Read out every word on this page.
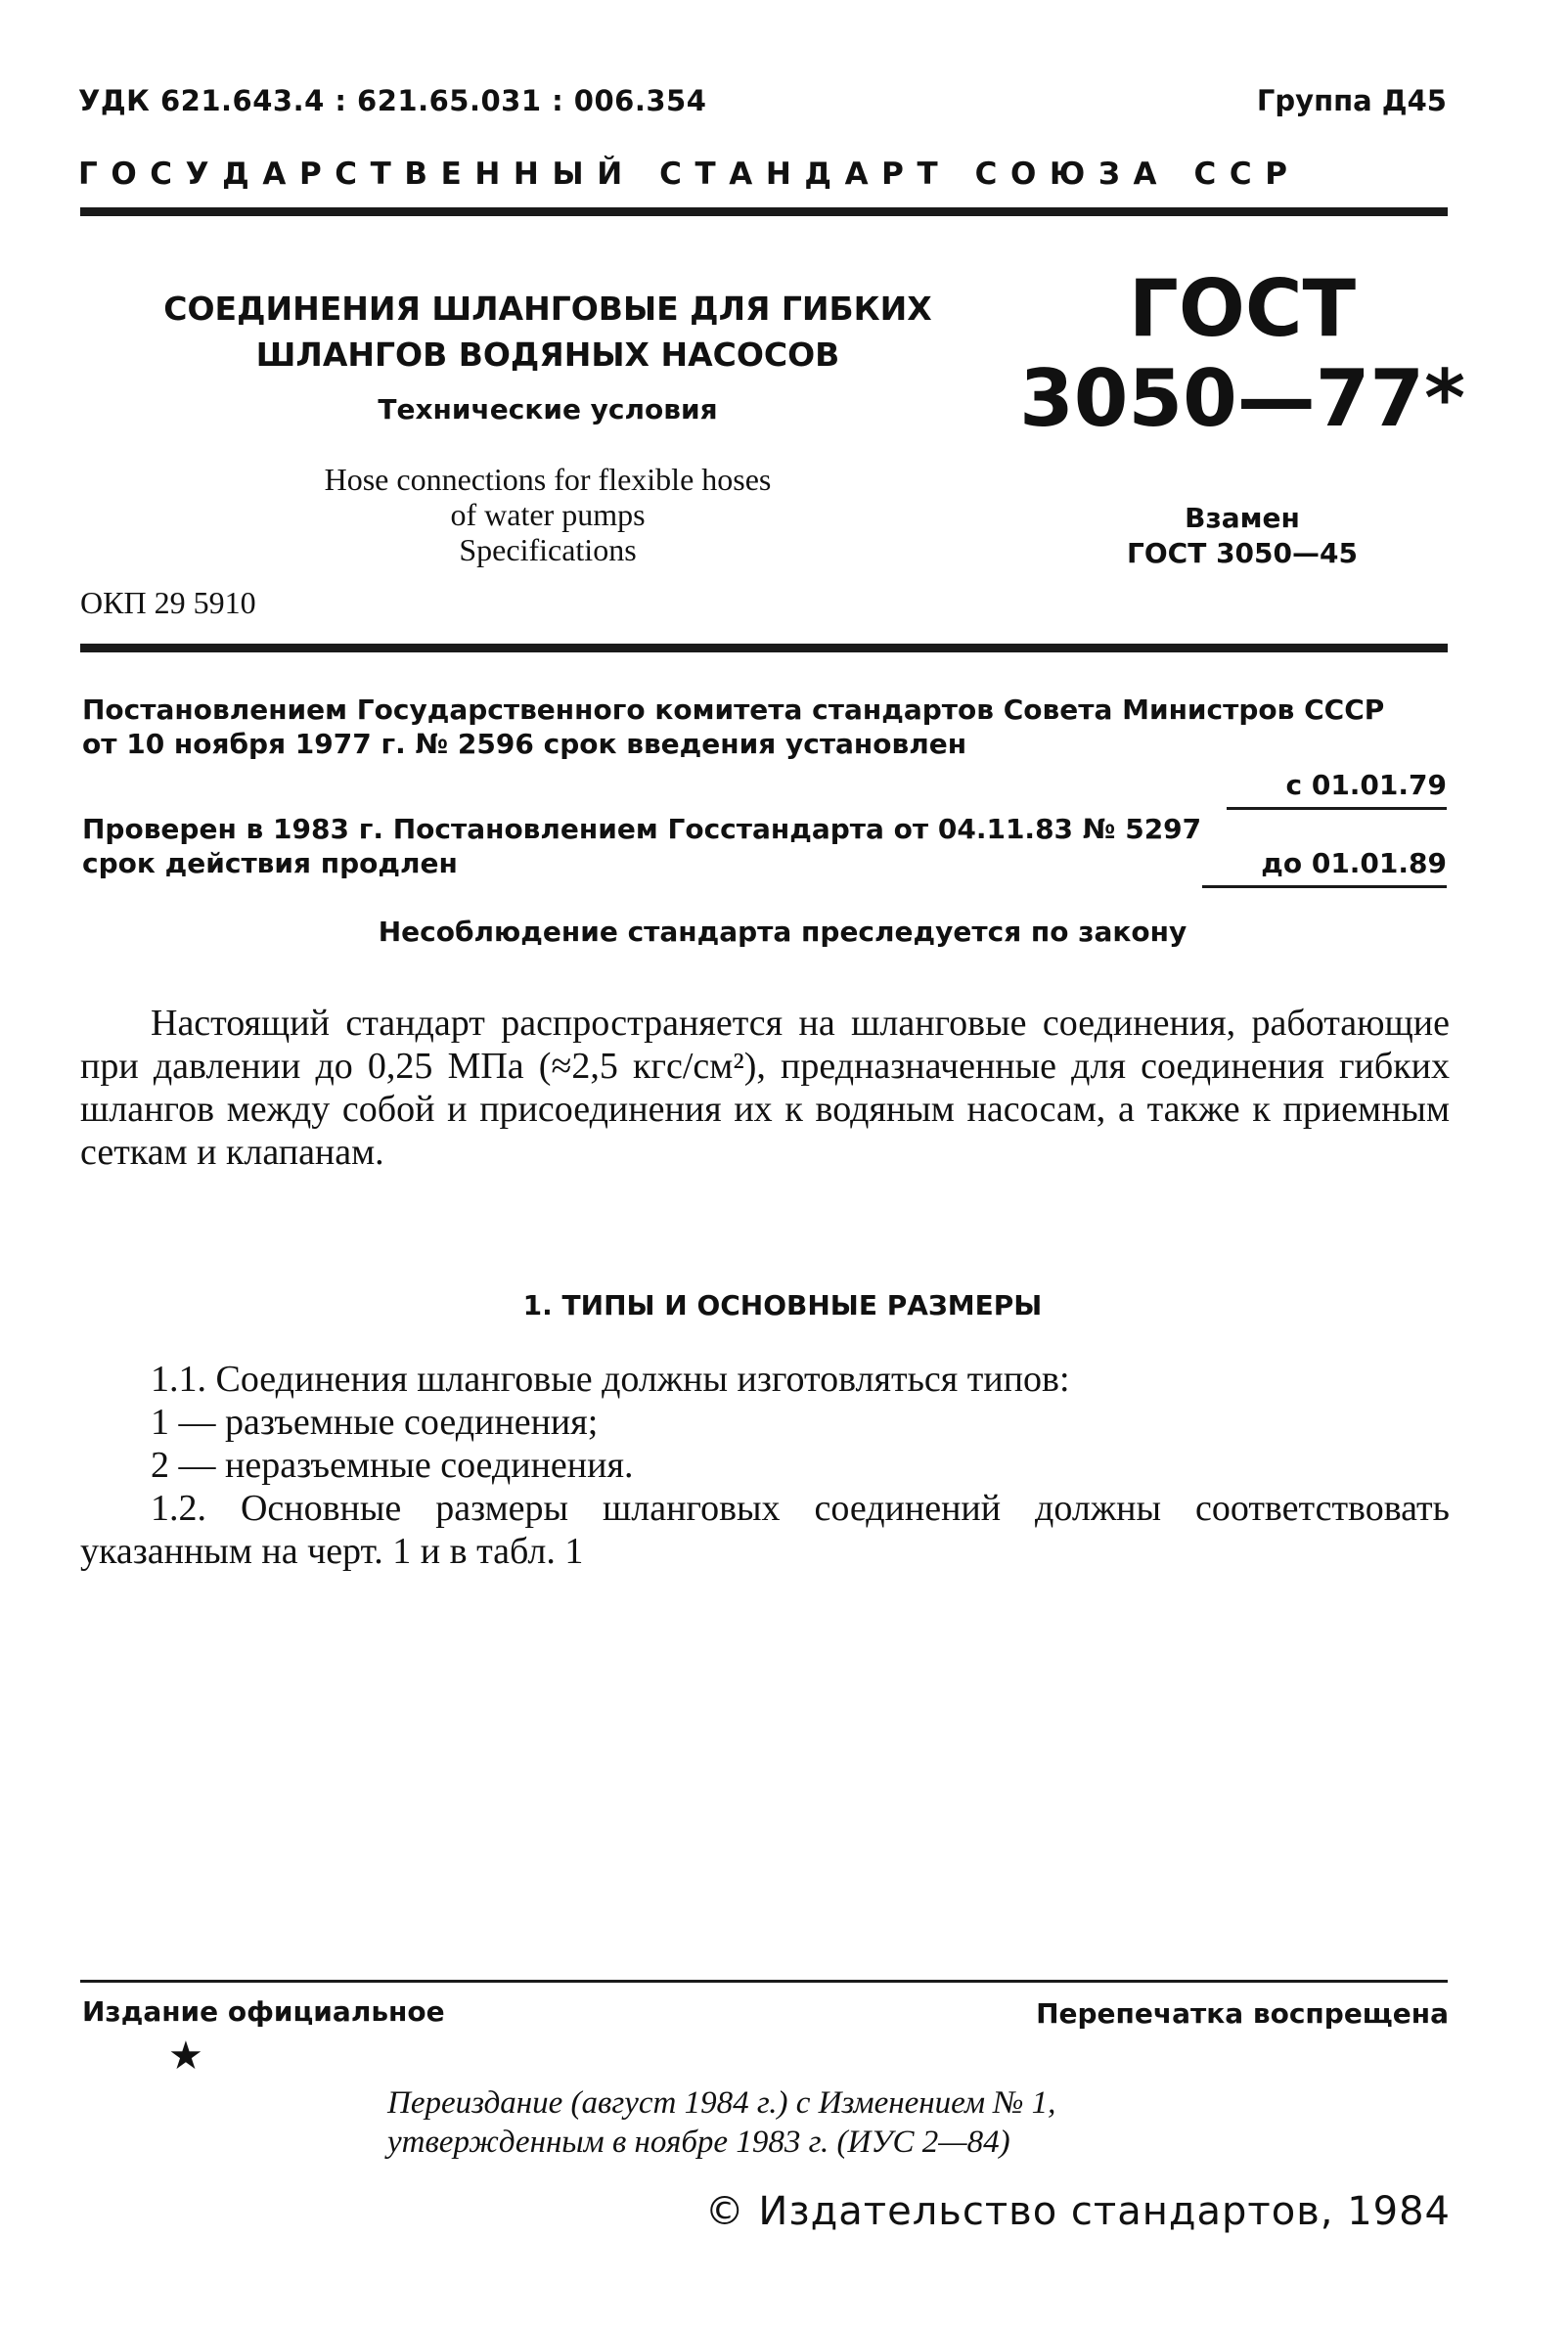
УДК 621.643.4 : 621.65.031 : 006.354	Группа Д45
ГОСУДАРСТВЕННЫЙ СТАНДАРТ СОЮЗА ССР
СОЕДИНЕНИЯ ШЛАНГОВЫЕ ДЛЯ ГИБКИХ
ШЛАНГОВ ВОДЯНЫХ НАСОСОВ
Технические условия
Hose connections for flexible hoses
of water pumps
Specifications
ОКП 29 5910
ГОСТ
3050—77*
Взамен
ГОСТ 3050—45
Постановлением Государственного комитета стандартов Совета Министров СССР
от 10 ноября 1977 г. № 2596 срок введения установлен
с 01.01.79
Проверен в 1983 г. Постановлением Госстандарта от 04.11.83 № 5297
срок действия продлен	до 01.01.89
Несоблюдение стандарта преследуется по закону
Настоящий стандарт распространяется на шланговые соединения, работающие при давлении до 0,25 МПа (≈2,5 кгс/см²), предназначенные для соединения гибких шлангов между собой и присоединения их к водяным насосам, а также к приемным сеткам и клапанам.
1. ТИПЫ И ОСНОВНЫЕ РАЗМЕРЫ
1.1. Соединения шланговые должны изготовляться типов:
1 — разъемные соединения;
2 — неразъемные соединения.
1.2. Основные размеры шланговых соединений должны соответствовать указанным на черт. 1 и в табл. 1
Издание официальное
★
Перепечатка воспрещена
Переиздание (август 1984 г.) с Изменением № 1,
утвержденным в ноябре 1983 г. (ИУС 2—84)
© Издательство стандартов, 1984
